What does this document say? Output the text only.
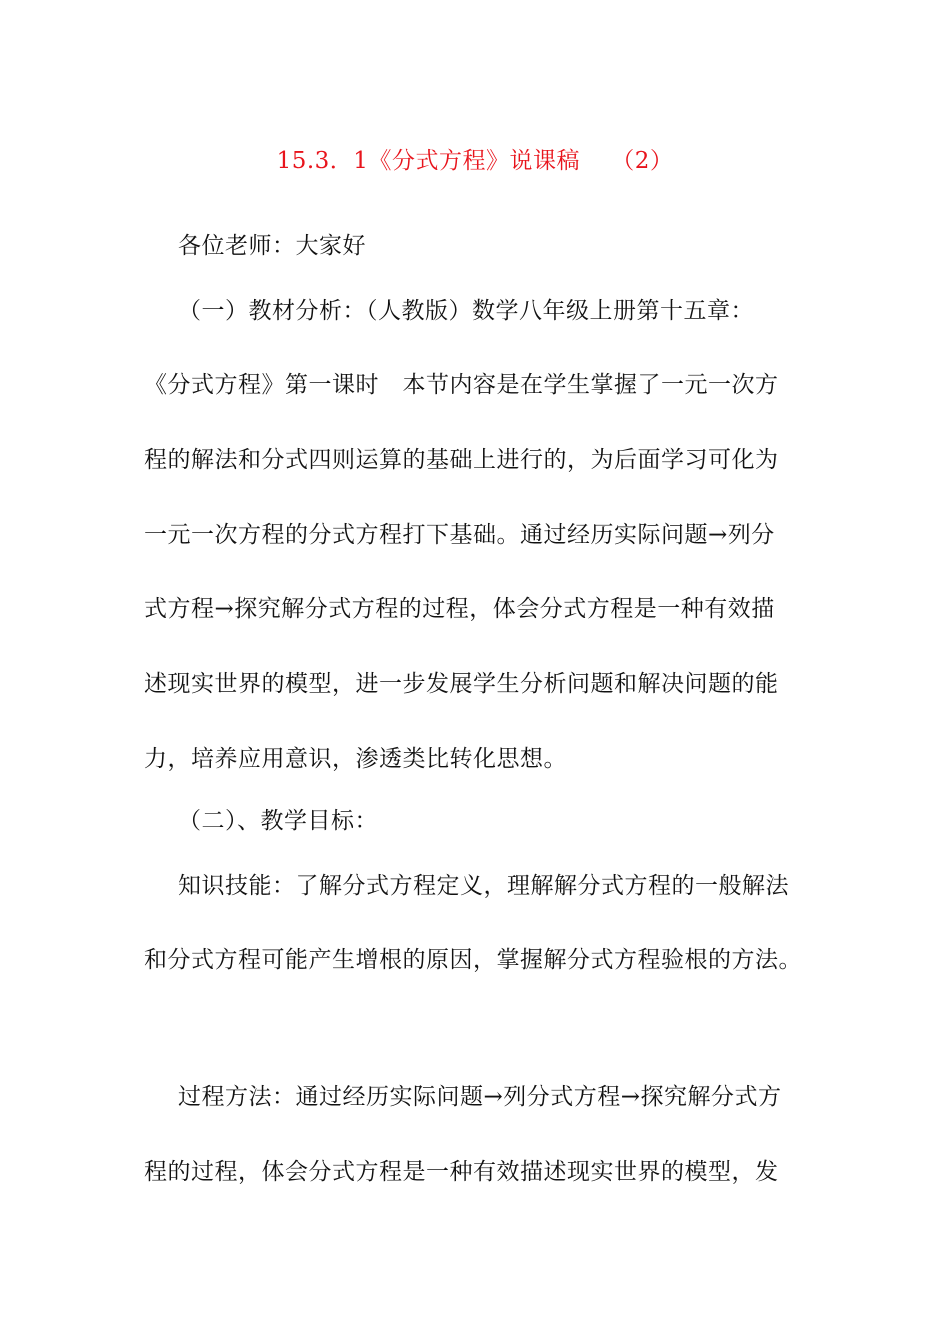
15.3．1《分式方程》说课稿　 （2）
各位老师：大家好
（一）教材分析：（人教版）数学八年级上册第十五章：
《分式方程》第一课时　本节内容是在学生掌握了一元一次方
程的解法和分式四则运算的基础上进行的，为后面学习可化为
一元一次方程的分式方程打下基础。通过经历实际问题→列分
式方程→探究解分式方程的过程，体会分式方程是一种有效描
述现实世界的模型，进一步发展学生分析问题和解决问题的能
力，培养应用意识，渗透类比转化思想。
（二）、教学目标：
知识技能：了解分式方程定义，理解解分式方程的一般解法
和分式方程可能产生增根的原因，掌握解分式方程验根的方法。
过程方法：通过经历实际问题→列分式方程→探究解分式方
程的过程，体会分式方程是一种有效描述现实世界的模型，发
